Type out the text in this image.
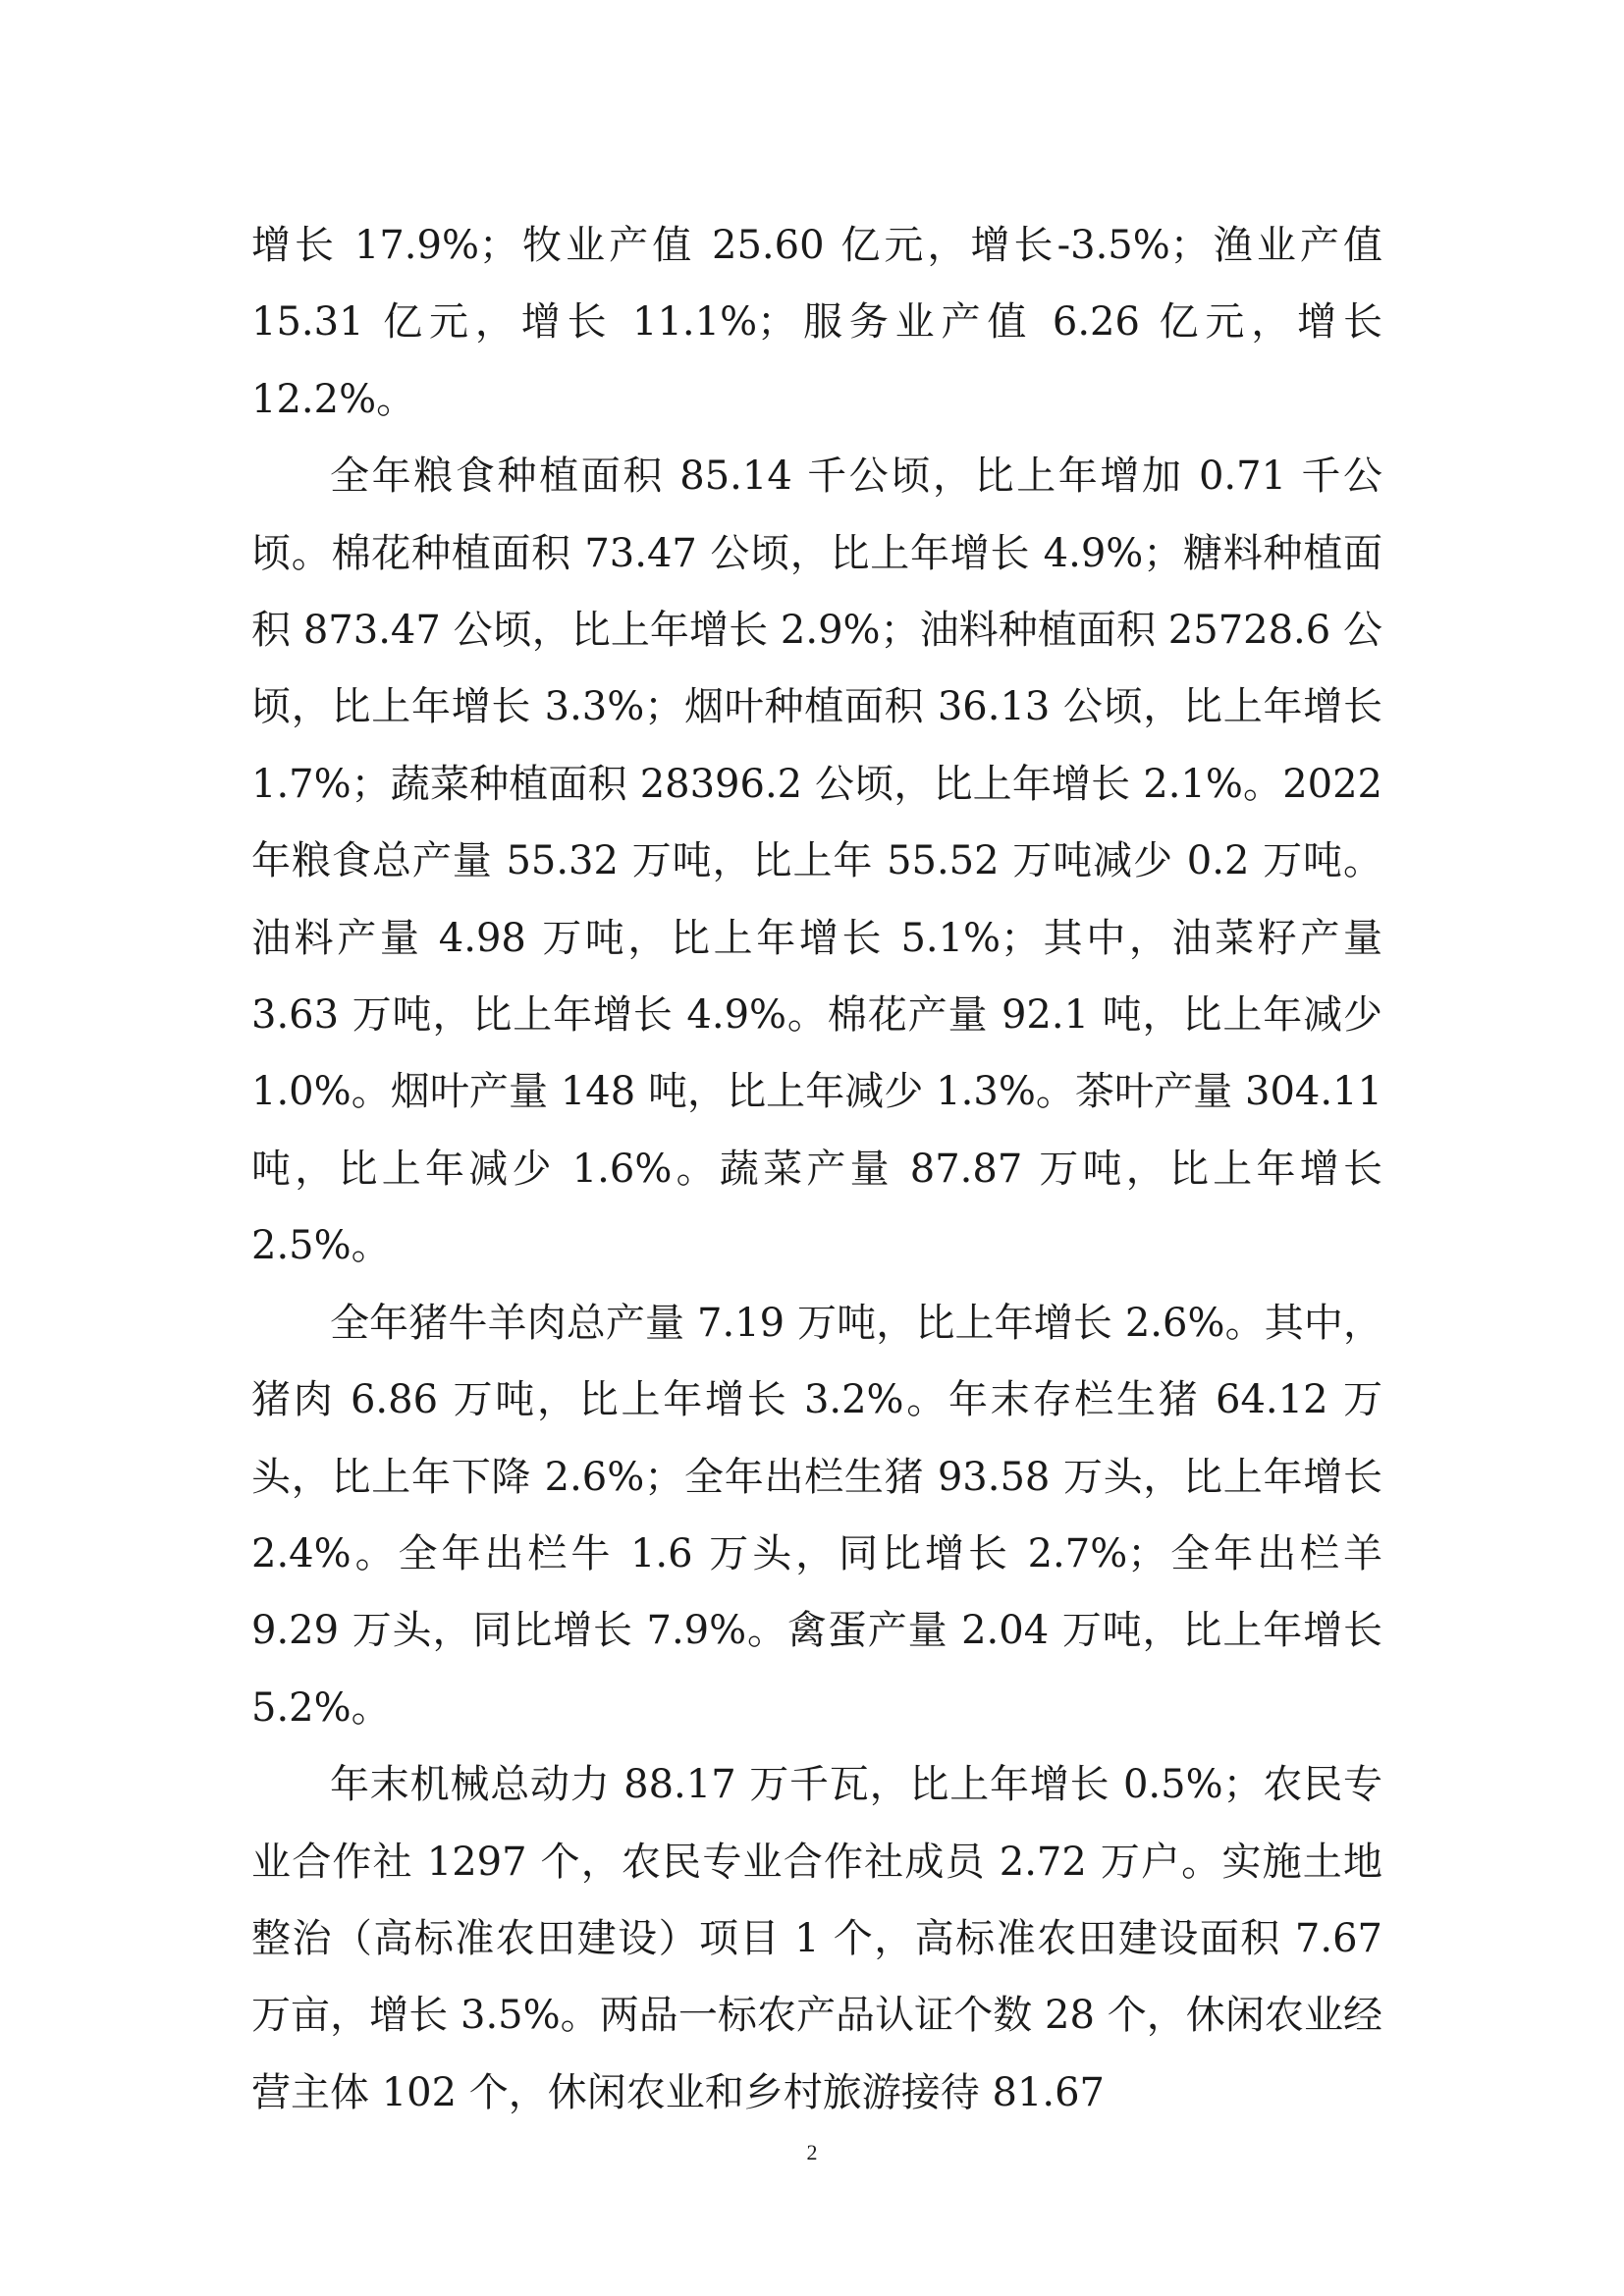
增长 17.9%；牧业产值 25.60 亿元，增长-3.5%；渔业产值 15.31 亿元，增长 11.1%；服务业产值 6.26 亿元，增长 12.2%。

全年粮食种植面积 85.14 千公顷，比上年增加 0.71 千公顷。棉花种植面积 73.47 公顷，比上年增长 4.9%；糖料种植面积 873.47 公顷，比上年增长 2.9%；油料种植面积 25728.6 公顷，比上年增长 3.3%；烟叶种植面积 36.13 公顷，比上年增长 1.7%；蔬菜种植面积 28396.2 公顷，比上年增长 2.1%。2022 年粮食总产量 55.32 万吨，比上年 55.52 万吨减少 0.2 万吨。油料产量 4.98 万吨，比上年增长 5.1%；其中，油菜籽产量 3.63 万吨，比上年增长 4.9%。棉花产量 92.1 吨，比上年减少 1.0%。烟叶产量 148 吨，比上年减少 1.3%。茶叶产量 304.11 吨，比上年减少 1.6%。蔬菜产量 87.87 万吨，比上年增长 2.5%。

全年猪牛羊肉总产量 7.19 万吨，比上年增长 2.6%。其中，猪肉 6.86 万吨，比上年增长 3.2%。年末存栏生猪 64.12 万头，比上年下降 2.6%；全年出栏生猪 93.58 万头，比上年增长 2.4%。全年出栏牛 1.6 万头，同比增长 2.7%；全年出栏羊 9.29 万头，同比增长 7.9%。禽蛋产量 2.04 万吨，比上年增长 5.2%。

年末机械总动力 88.17 万千瓦，比上年增长 0.5%；农民专业合作社 1297 个，农民专业合作社成员 2.72 万户。实施土地整治（高标准农田建设）项目 1 个，高标准农田建设面积 7.67 万亩，增长 3.5%。两品一标农产品认证个数 28 个，休闲农业经营主体 102 个，休闲农业和乡村旅游接待 81.67

2
